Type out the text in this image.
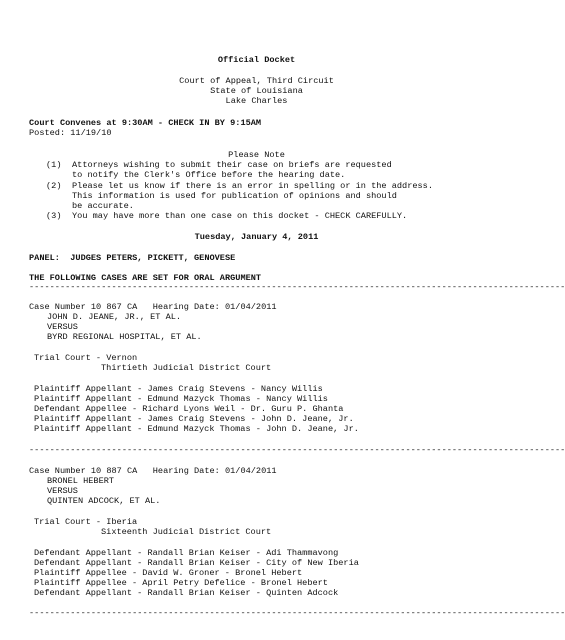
Official Docket
Court of Appeal, Third Circuit
State of Louisiana
Lake Charles
Court Convenes at 9:30AM - CHECK IN BY 9:15AM
Posted: 11/19/10
Please Note
(1) Attorneys wishing to submit their case on briefs are requested
to notify the Clerk's Office before the hearing date.
(2) Please let us know if there is an error in spelling or in the address.
This information is used for publication of opinions and should
be accurate.
(3) You may have more than one case on this docket - CHECK CAREFULLY.
Tuesday, January 4, 2011
PANEL:  JUDGES PETERS, PICKETT, GENOVESE
THE FOLLOWING CASES ARE SET FOR ORAL ARGUMENT
--------------------------------------------------------------------------------------------------------
Case Number 10 867 CA   Hearing Date: 01/04/2011
JOHN D. JEANE, JR., ET AL.
VERSUS
BYRD REGIONAL HOSPITAL, ET AL.
Trial Court - Vernon
Thirtieth Judicial District Court
Plaintiff Appellant - James Craig Stevens - Nancy Willis
Plaintiff Appellant - Edmund Mazyck Thomas - Nancy Willis
Defendant Appellee - Richard Lyons Weil - Dr. Guru P. Ghanta
Plaintiff Appellant - James Craig Stevens - John D. Jeane, Jr.
Plaintiff Appellant - Edmund Mazyck Thomas - John D. Jeane, Jr.
--------------------------------------------------------------------------------------------------------
Case Number 10 887 CA   Hearing Date: 01/04/2011
BRONEL HEBERT
VERSUS
QUINTEN ADCOCK, ET AL.
Trial Court - Iberia
Sixteenth Judicial District Court
Defendant Appellant - Randall Brian Keiser - Adi Thammavong
Defendant Appellant - Randall Brian Keiser - City of New Iberia
Plaintiff Appellee - David W. Groner - Bronel Hebert
Plaintiff Appellee - April Petry Defelice - Bronel Hebert
Defendant Appellant - Randall Brian Keiser - Quinten Adcock
--------------------------------------------------------------------------------------------------------
